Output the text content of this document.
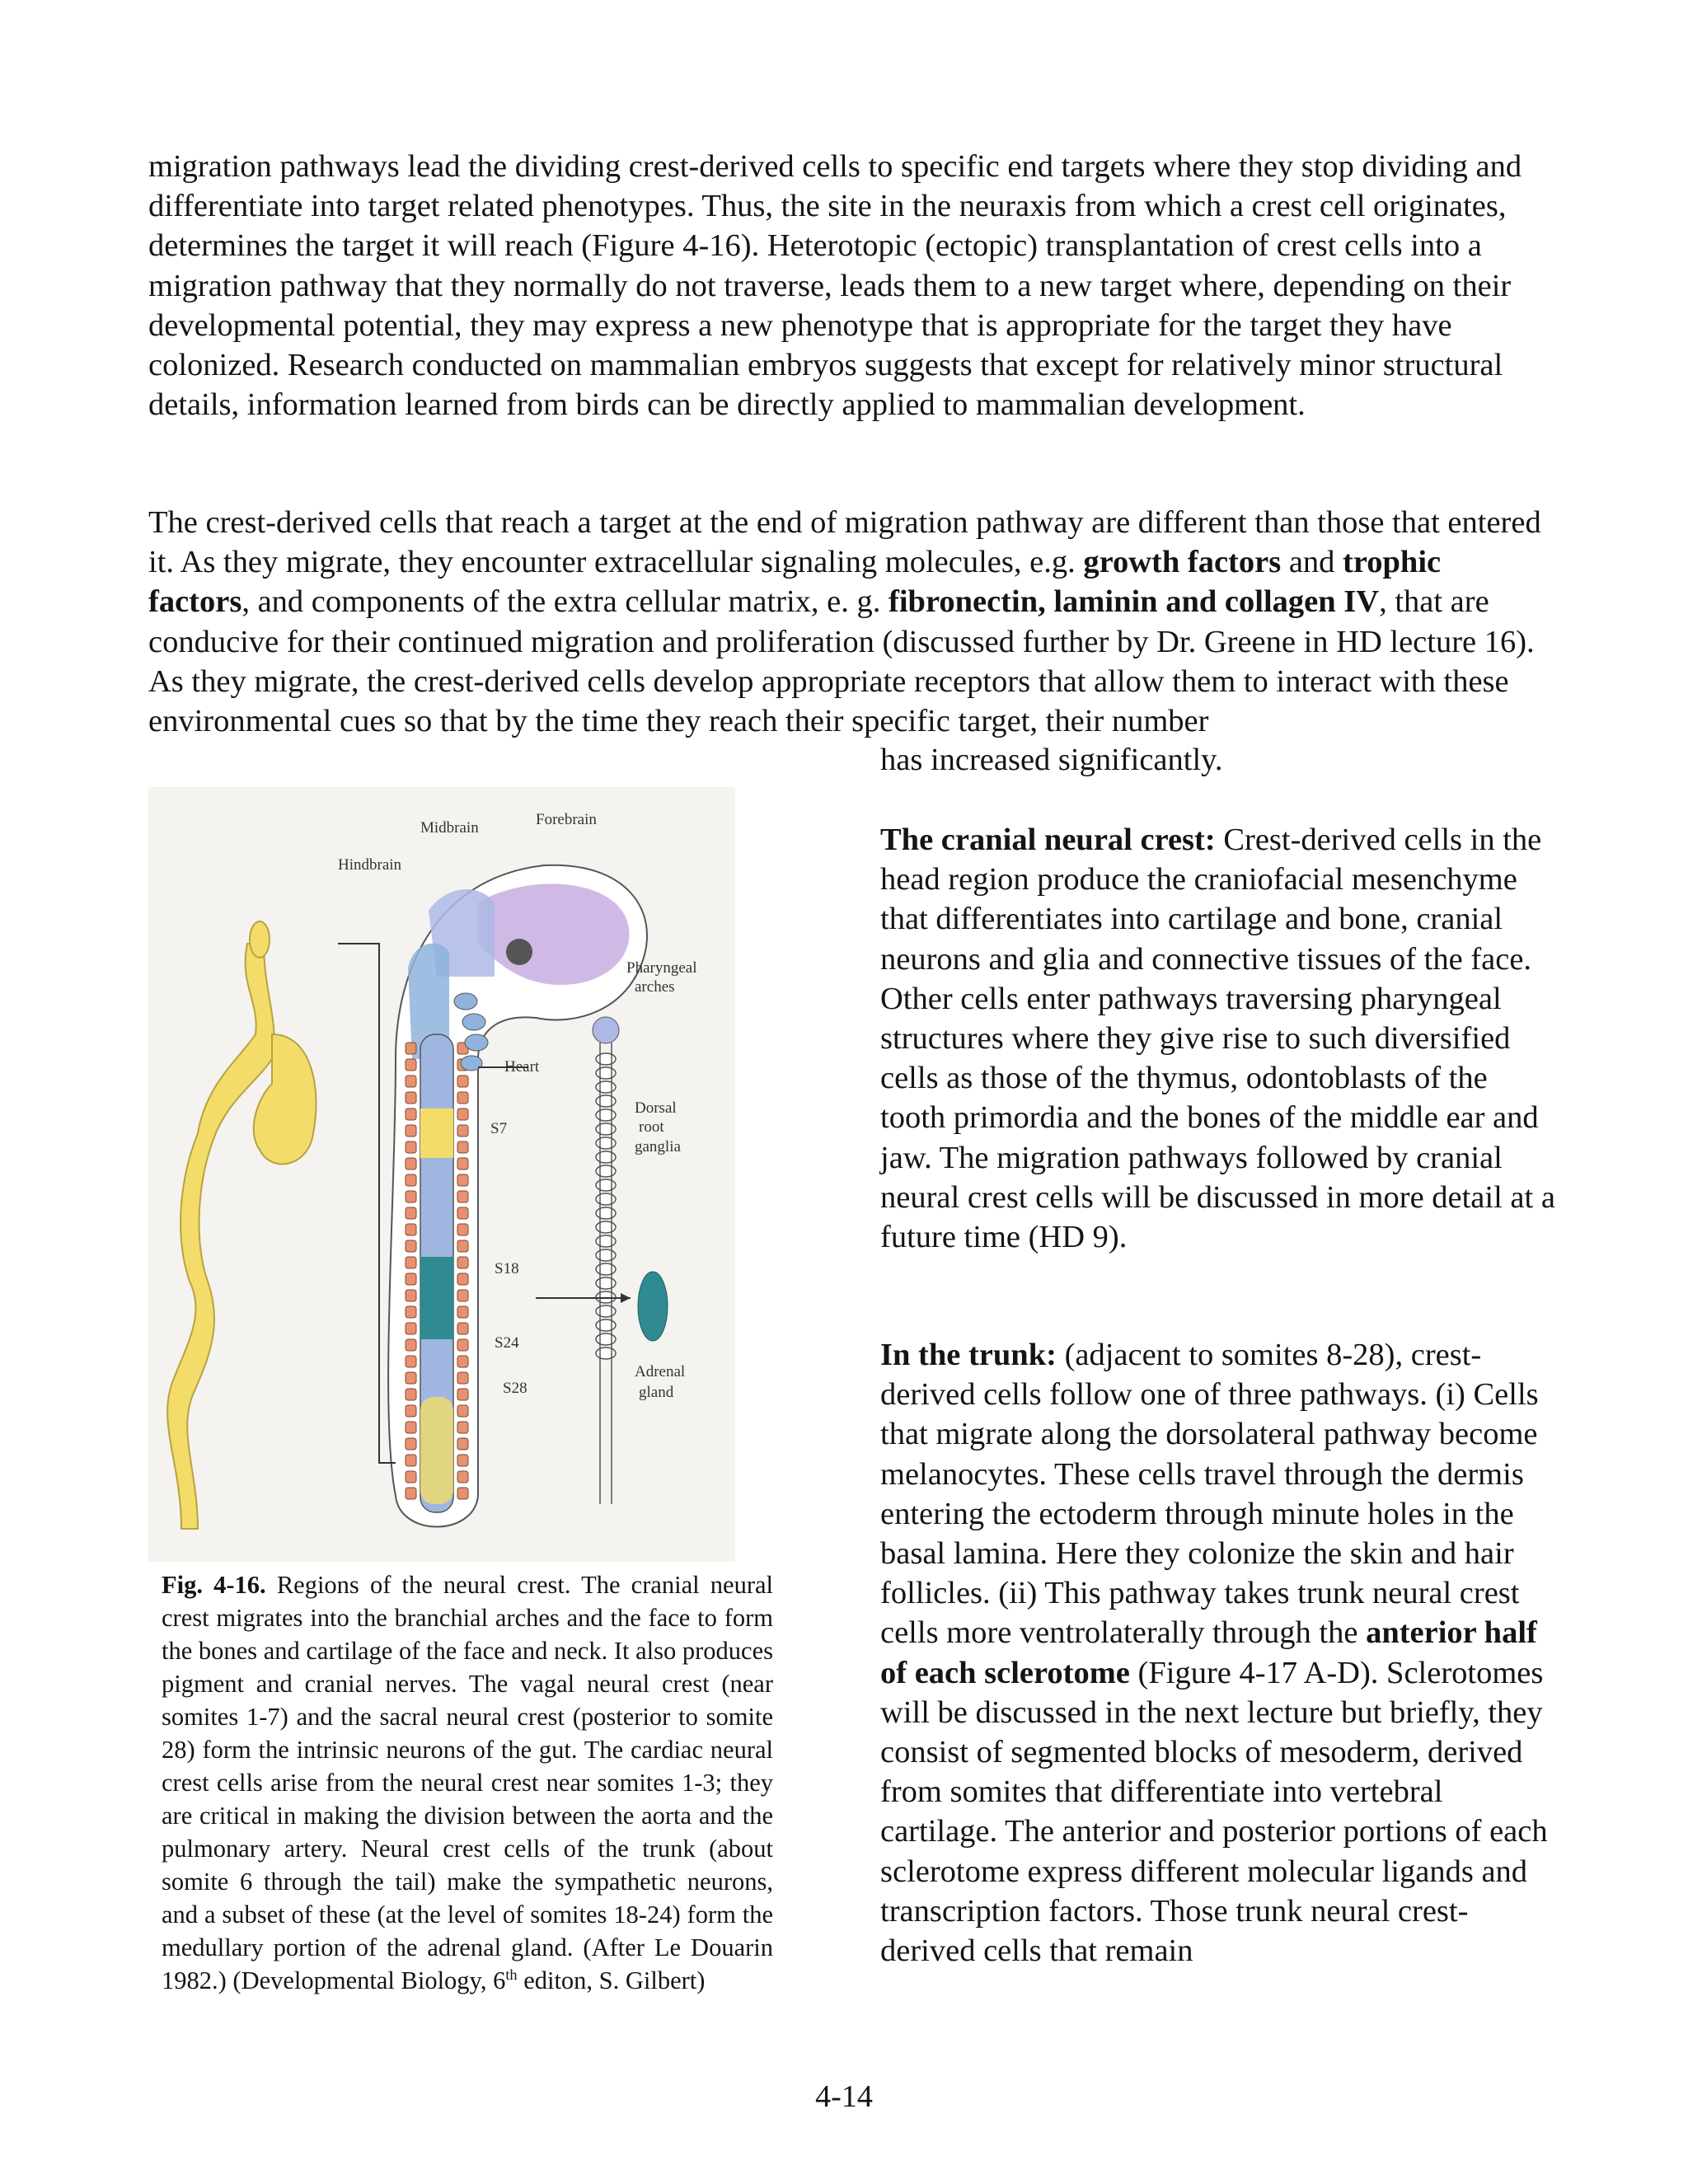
migration pathways lead the dividing crest-derived cells to specific end targets where they stop dividing and differentiate into target related phenotypes. Thus, the site in the neuraxis from which a crest cell originates, determines the target it will reach (Figure 4-16). Heterotopic (ectopic) transplantation of crest cells into a migration pathway that they normally do not traverse, leads them to a new target where, depending on their developmental potential, they may express a new phenotype that is appropriate for the target they have colonized. Research conducted on mammalian embryos suggests that except for relatively minor structural details, information learned from birds can be directly applied to mammalian development.

The crest-derived cells that reach a target at the end of migration pathway are different than those that entered it. As they migrate, they encounter extracellular signaling molecules, e.g. growth factors and trophic factors, and components of the extra cellular matrix, e. g. fibronectin, laminin and collagen IV, that are conducive for their continued migration and proliferation (discussed further by Dr. Greene in HD lecture 16). As they migrate, the crest-derived cells develop appropriate receptors that allow them to interact with these environmental cues so that by the time they reach their specific target, their number

has increased significantly.

Midbrain	Forebrain
Hindbrain
Pharyngeal
arches
Heart
S7
Dorsal
root
ganglia
S18
S24
S28
Adrenal
gland

Fig. 4-16. Regions of the neural crest. The cranial neural crest migrates into the branchial arches and the face to form the bones and cartilage of the face and neck. It also produces pigment and cranial nerves. The vagal neural crest (near somites 1-7) and the sacral neural crest (posterior to somite 28) form the intrinsic neurons of the gut. The cardiac neural crest cells arise from the neural crest near somites 1-3; they are critical in making the division between the aorta and the pulmonary artery. Neural crest cells of the trunk (about somite 6 through the tail) make the sympathetic neurons, and a subset of these (at the level of somites 18-24) form the medullary portion of the adrenal gland. (After Le Douarin 1982.) (Developmental Biology, 6th editon, S. Gilbert)

The cranial neural crest: Crest-derived cells in the head region produce the craniofacial mesenchyme that differentiates into cartilage and bone, cranial neurons and glia and connective tissues of the face. Other cells enter pathways traversing pharyngeal structures where they give rise to such diversified cells as those of the thymus, odontoblasts of the tooth primordia and the bones of the middle ear and jaw. The migration pathways followed by cranial neural crest cells will be discussed in more detail at a future time (HD 9).

In the trunk: (adjacent to somites 8-28), crest-derived cells follow one of three pathways. (i) Cells that migrate along the dorsolateral pathway become melanocytes. These cells travel through the dermis entering the ectoderm through minute holes in the basal lamina. Here they colonize the skin and hair follicles. (ii) This pathway takes trunk neural crest cells more ventrolaterally through the anterior half of each sclerotome (Figure 4-17 A-D). Sclerotomes will be discussed in the next lecture but briefly, they consist of segmented blocks of mesoderm, derived from somites that differentiate into vertebral cartilage. The anterior and posterior portions of each sclerotome express different molecular ligands and transcription factors. Those trunk neural crest-derived cells that remain

4-14
